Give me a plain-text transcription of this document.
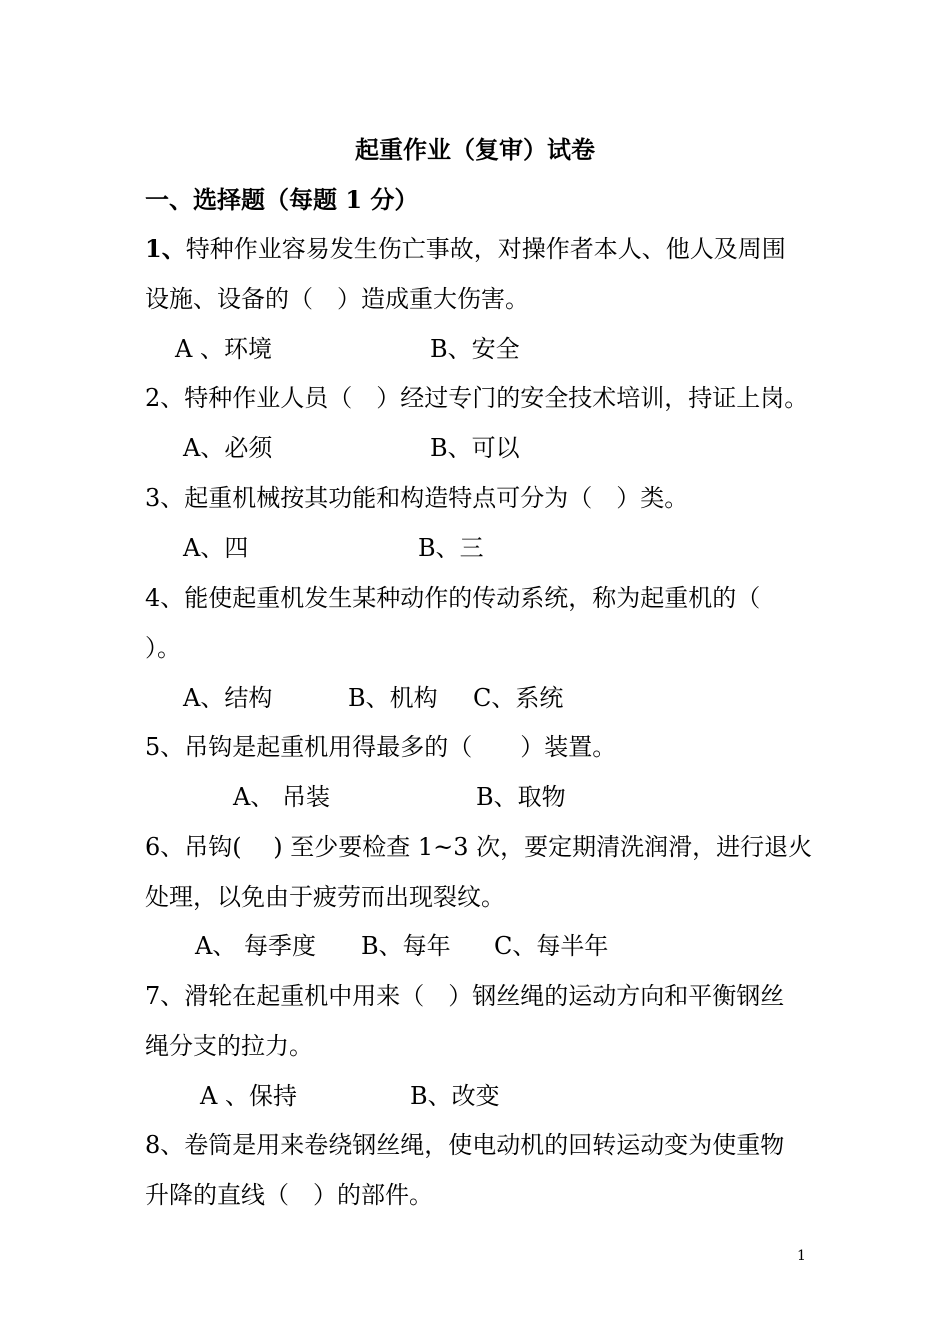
起重作业（复审）试卷
一、选择题（每题 1 分）
1、特种作业容易发生伤亡事故，对操作者本人、他人及周围
设施、设备的（　）造成重大伤害。
A 、环境	B、安全
2、特种作业人员（　）经过专门的安全技术培训，持证上岗。
A、必须	B、可以
3、起重机械按其功能和构造特点可分为（　）类。
A、四	B、三
4、能使起重机发生某种动作的传动系统，称为起重机的（
）。
A、结构	B、机构 C、系统
5、吊钩是起重机用得最多的（　　）装置。
A、 吊装	B、取物
6、吊钩(　 ) 至少要检查 1~3 次，要定期清洗润滑，进行退火
处理，以免由于疲劳而出现裂纹。
A、 每季度 B、每年 C、每半年
7、滑轮在起重机中用来（　）钢丝绳的运动方向和平衡钢丝
绳分支的拉力。
A 、保持	B、改变
8、卷筒是用来卷绕钢丝绳，使电动机的回转运动变为使重物
升降的直线（　）的部件。
1
